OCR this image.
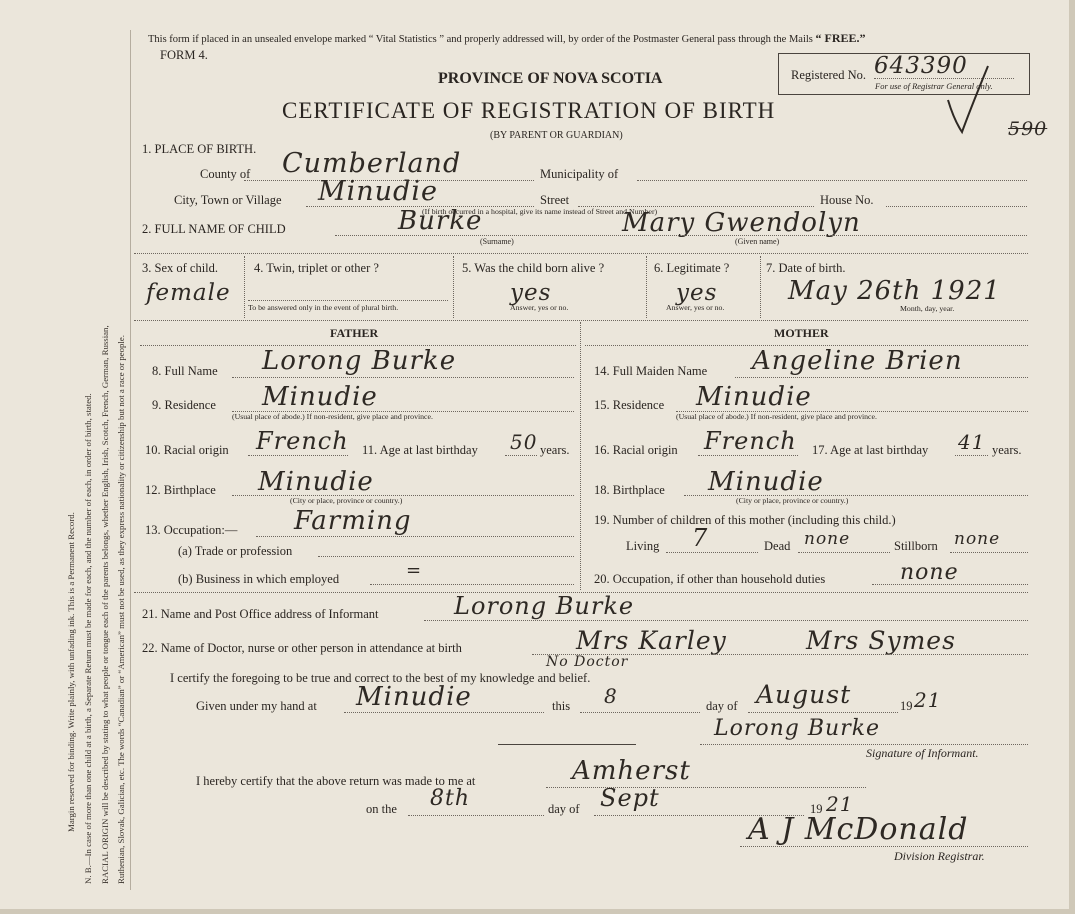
Margin reserved for binding. Write plainly, with unfading ink. This is a Permanent Record. N. B.—In case of more than one child at a birth, a Separate Return must be made for each, and the number of each, in order of birth, stated. RACIAL ORIGIN will be described by stating to what people or tongue each of the parents belongs, whether English, Irish, Scotch, French, German, Russian, Ruthenian, Slovak, Galician, etc. The words “Canadian” or “American” must not be used, as they express nationality or citizenship but not a race or people.
This form if placed in an unsealed envelope marked “ Vital Statistics ” and properly addressed will, by order of the Postmaster General pass through the Mails “ FREE.”
FORM 4.
Registered No. 643390
For use of Registrar General only.
590
PROVINCE OF NOVA SCOTIA
CERTIFICATE OF REGISTRATION OF BIRTH
(BY PARENT OR GUARDIAN)
1. PLACE OF BIRTH.
County of Cumberland	Municipality of
City, Town or Village Minudie	Street	House No.
(If birth occurred in a hospital, give its name instead of Street and Number)
2. FULL NAME OF CHILD	Burke	Mary Gwendolyn
(Surname)	(Given name)
3. Sex of child.
female
4. Twin, triplet or other ?
To be answered only in the event of plural birth.
5. Was the child born alive ?
yes
Answer, yes or no.
6. Legitimate ?
yes
Answer, yes or no.
7. Date of birth.
May 26th 1921
Month, day, year.
FATHER	MOTHER
8. Full Name Lorong Burke
9. Residence Minudie
(Usual place of abode.) If non-resident, give place and province.
10. Racial origin French 11. Age at last birthday 50 years.
12. Birthplace Minudie
(City or place, province or country.)
13. Occupation:— Farming
(a) Trade or profession
(b) Business in which employed	=
14. Full Maiden Name Angeline Brien
15. Residence Minudie
(Usual place of abode.) If non-resident, give place and province.
16. Racial origin French 17. Age at last birthday 41 years.
18. Birthplace Minudie
(City or place, province or country.)
19. Number of children of this mother (including this child.)
Living 7	Dead none	Stillborn none
20. Occupation, if other than household duties	none
21. Name and Post Office address of Informant	Lorong Burke
22. Name of Doctor, nurse or other person in attendance at birth	Mrs Karley	Mrs Symes
No Doctor
I certify the foregoing to be true and correct to the best of my knowledge and belief.
Given under my hand at Minudie	this 8	day of August	19 21
Lorong Burke
Signature of Informant.
I hereby certify that the above return was made to me at	Amherst
on the 8th	day of Sept	19 21
A J McDonald
Division Registrar.
